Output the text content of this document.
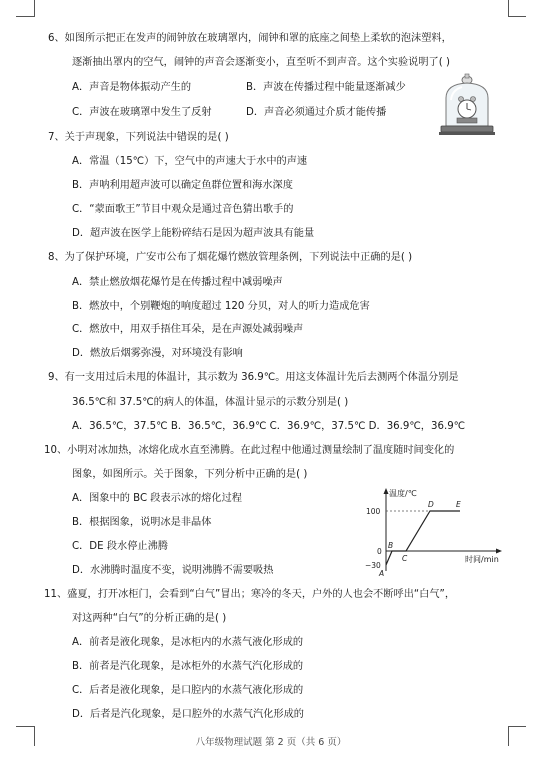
6、如图所示把正在发声的闹钟放在玻璃罩内，闹钟和罩的底座之间垫上柔软的泡沫塑料，
逐渐抽出罩内的空气，闹钟的声音会逐渐变小，直至听不到声音。这个实验说明了( )
A．声音是物体振动产生的	B．声波在传播过程中能量逐渐减少
C．声波在玻璃罩中发生了反射	D．声音必须通过介质才能传播
7、关于声现象，下列说法中错误的是( )
A．常温（15℃）下，空气中的声速大于水中的声速
B．声呐利用超声波可以确定鱼群位置和海水深度
C．“蒙面歌王”节目中观众是通过音色猜出歌手的
D．超声波在医学上能粉碎结石是因为超声波具有能量
8、为了保护环境，广安市公布了烟花爆竹燃放管理条例，下列说法中正确的是( )
A．禁止燃放烟花爆竹是在传播过程中减弱噪声
B．燃放中，个别鞭炮的响度超过 120 分贝，对人的听力造成危害
C．燃放中，用双手捂住耳朵，是在声源处减弱噪声
D．燃放后烟雾弥漫，对环境没有影响
9、有一支用过后未甩的体温计，其示数为 36.9℃。用这支体温计先后去测两个体温分别是
36.5℃和 37.5℃的病人的体温，体温计显示的示数分别是( )
A．36.5℃，37.5℃ B．36.5℃，36.9℃ C．36.9℃，37.5℃ D．36.9℃，36.9℃
10、小明对冰加热，冰熔化成水直至沸腾。在此过程中他通过测量绘制了温度随时间变化的
图象，如图所示。关于图象，下列分析中正确的是( )
A．图象中的 BC 段表示冰的熔化过程
B．根据图象，说明冰是非晶体
C．DE 段水停止沸腾
D．水沸腾时温度不变，说明沸腾不需要吸热
温度/℃
时间/min
100
0
−30
A
B
C
D	E
11、盛夏，打开冰柜门，会看到“白气”冒出；寒冷的冬天，户外的人也会不断呼出“白气”，
对这两种“白气”的分析正确的是( )
A．前者是液化现象，是冰柜内的水蒸气液化形成的
B．前者是汽化现象，是冰柜外的水蒸气汽化形成的
C．后者是液化现象，是口腔内的水蒸气液化形成的
D．后者是汽化现象，是口腔外的水蒸气汽化形成的
八年级物理试题 第 2 页（共 6 页）
